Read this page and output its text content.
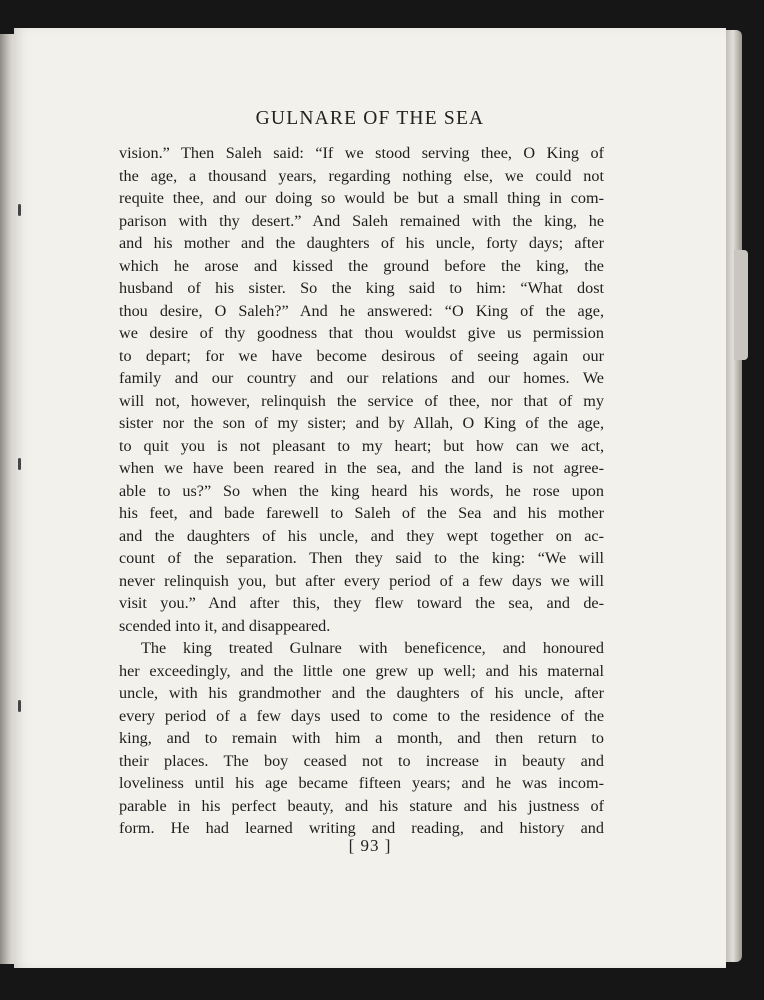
GULNARE OF THE SEA
vision.” Then Saleh said: “If we stood serving thee, O King of
the age, a thousand years, regarding nothing else, we could not
requite thee, and our doing so would be but a small thing in com-
parison with thy desert.” And Saleh remained with the king, he
and his mother and the daughters of his uncle, forty days; after
which he arose and kissed the ground before the king, the
husband of his sister. So the king said to him: “What dost
thou desire, O Saleh?” And he answered: “O King of the age,
we desire of thy goodness that thou wouldst give us permission
to depart; for we have become desirous of seeing again our
family and our country and our relations and our homes. We
will not, however, relinquish the service of thee, nor that of my
sister nor the son of my sister; and by Allah, O King of the age,
to quit you is not pleasant to my heart; but how can we act,
when we have been reared in the sea, and the land is not agree-
able to us?” So when the king heard his words, he rose upon
his feet, and bade farewell to Saleh of the Sea and his mother
and the daughters of his uncle, and they wept together on ac-
count of the separation. Then they said to the king: “We will
never relinquish you, but after every period of a few days we will
visit you.” And after this, they flew toward the sea, and de-
scended into it, and disappeared.
The king treated Gulnare with beneficence, and honoured
her exceedingly, and the little one grew up well; and his maternal
uncle, with his grandmother and the daughters of his uncle, after
every period of a few days used to come to the residence of the
king, and to remain with him a month, and then return to
their places. The boy ceased not to increase in beauty and
loveliness until his age became fifteen years; and he was incom-
parable in his perfect beauty, and his stature and his justness of
form. He had learned writing and reading, and history and
[ 93 ]
